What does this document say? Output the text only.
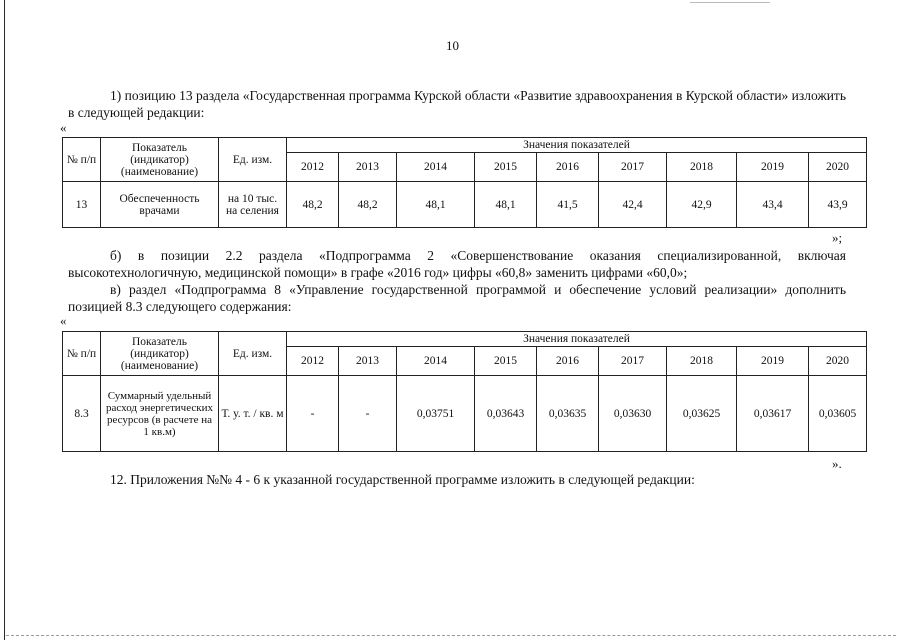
10
1) позицию 13 раздела «Государственная программа Курской области «Развитие здравоохранения в Курской области» изложить в следующей редакции:
«
№ п/п	Показатель (индикатор) (наименование)	Ед. изм.	Значения показателей								
			2012	2013	2014	2015	2016	2017	2018	2019	2020
13	Обеспеченность врачами	на 10 тыс. на селения	48,2	48,2	48,1	48,1	41,5	42,4	42,9	43,4	43,9
»;
б) в позиции 2.2 раздела «Подпрограмма 2 «Совершенствование оказания специализированной, включая высокотехнологичную, медицинской помощи» в графе «2016 год» цифры «60,8» заменить цифрами «60,0»;
в) раздел «Подпрограмма 8 «Управление государственной программой и обеспечение условий реализации» дополнить позицией 8.3 следующего содержания:
«
№ п/п	Показатель (индикатор) (наименование)	Ед. изм.	Значения показателей								
			2012	2013	2014	2015	2016	2017	2018	2019	2020
8.3	Суммарный удельный расход энергетических ресурсов (в расчете на 1 кв.м)	Т. у. т. / кв. м	-	-	0,03751	0,03643	0,03635	0,03630	0,03625	0,03617	0,03605
».
12. Приложения №№ 4 - 6 к указанной государственной программе изложить в следующей редакции:
